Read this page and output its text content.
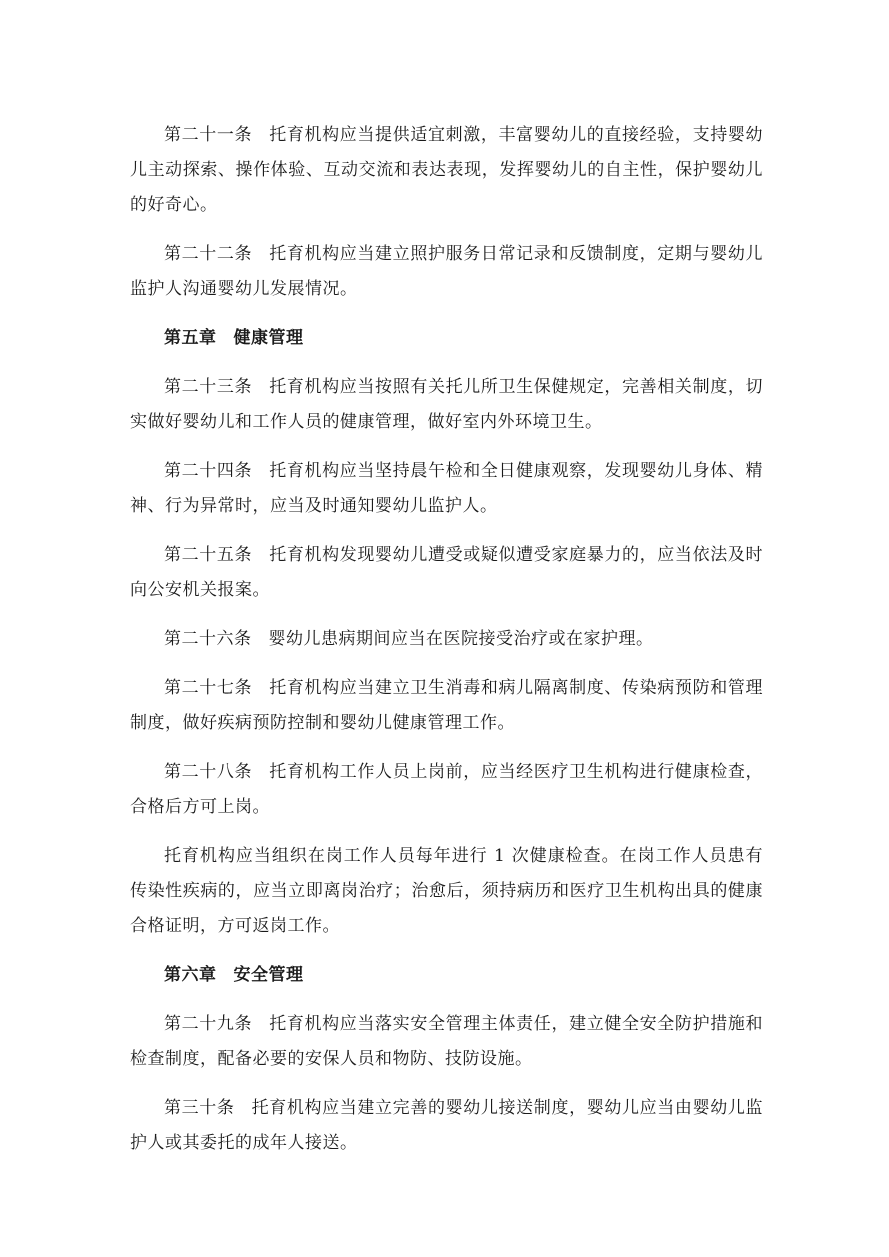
第二十一条 托育机构应当提供适宜刺激，丰富婴幼儿的直接经验，支持婴幼儿主动探索、操作体验、互动交流和表达表现，发挥婴幼儿的自主性，保护婴幼儿的好奇心。

第二十二条 托育机构应当建立照护服务日常记录和反馈制度，定期与婴幼儿监护人沟通婴幼儿发展情况。

第五章 健康管理

第二十三条 托育机构应当按照有关托儿所卫生保健规定，完善相关制度，切实做好婴幼儿和工作人员的健康管理，做好室内外环境卫生。

第二十四条 托育机构应当坚持晨午检和全日健康观察，发现婴幼儿身体、精神、行为异常时，应当及时通知婴幼儿监护人。

第二十五条 托育机构发现婴幼儿遭受或疑似遭受家庭暴力的，应当依法及时向公安机关报案。

第二十六条 婴幼儿患病期间应当在医院接受治疗或在家护理。

第二十七条 托育机构应当建立卫生消毒和病儿隔离制度、传染病预防和管理制度，做好疾病预防控制和婴幼儿健康管理工作。

第二十八条 托育机构工作人员上岗前，应当经医疗卫生机构进行健康检查，合格后方可上岗。

托育机构应当组织在岗工作人员每年进行 1 次健康检查。在岗工作人员患有传染性疾病的，应当立即离岗治疗；治愈后，须持病历和医疗卫生机构出具的健康合格证明，方可返岗工作。

第六章 安全管理

第二十九条 托育机构应当落实安全管理主体责任，建立健全安全防护措施和检查制度，配备必要的安保人员和物防、技防设施。

第三十条 托育机构应当建立完善的婴幼儿接送制度，婴幼儿应当由婴幼儿监护人或其委托的成年人接送。
